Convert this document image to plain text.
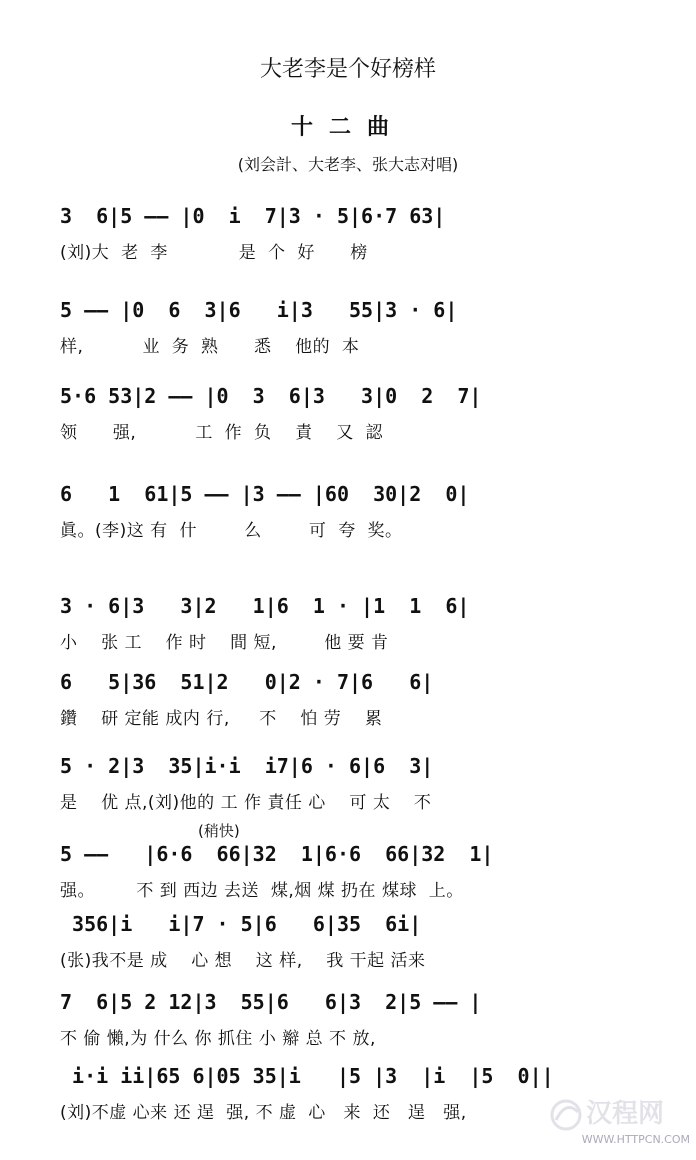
大老李是个好榜样
十二曲
(刘会計、大老李、张大志对唱)
(稍快)
3  6|5 —— |0  i  7|3 · 5|6·7 63|
(刘)大  老  李            是  个  好      榜
5 —— |0  6  3|6   i|3   55|3 · 6|
样,          业  务  熟      悉    他的  本
5·6 53|2 —— |0  3  6|3   3|0  2  7|
领      强,          工  作  负    責    又  認
6   1  61|5 —— |3 —— |60  30|2  0|
眞。(李)这 有  什        么        可  夸  奖。
3 · 6|3   3|2   1|6  1 · |1  1  6|
小    张 工    作 时    間 短,        他 要 肯
6   5|36  51|2   0|2 · 7|6   6|
鑽    研 定能 成内 行,     不    怕 劳    累
5 · 2|3  35|i·i  i7|6 · 6|6  3|
是    优 点,(刘)他的 工 作 責任 心    可 太    不
5 ——   |6·6  66|32  1|6·6  66|32  1|
强。       不 到 西边 去送  煤,烟 煤 扔在 煤球  上。
356|i   i|7 · 5|6   6|35  6i|
(张)我不是 成    心 想    这 样,    我 干起 活来
7  6|5 2 12|3  55|6   6|3  2|5 —— |
不 偷 懶,为 什么 你 抓住 小 辮 总 不 放,
i·i ii|65 6|05 35|i   |5 |3  |i  |5  0||
(刘)不虚 心来 还 逞  强, 不 虚  心   来  还   逞   强,	汉程网
WWW.HTTPCN.COM
